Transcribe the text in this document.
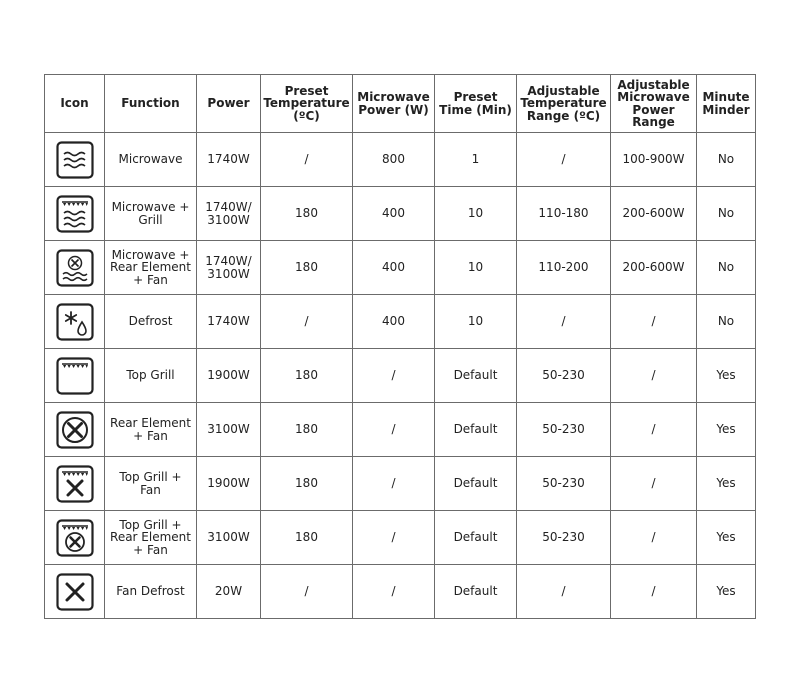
Icon	Function	Power	Preset
Temperature
(ºC)	Microwave
Power (W)	Preset
Time (Min)	Adjustable
Temperature
Range (ºC)	Adjustable
Microwave
Power
Range	Minute
Minder

	Microwave	1740W	/	800	1	/	100-900W	No

	Microwave +
Grill	1740W/
3100W	180	400	10	110-180	200-600W	No

	Microwave +
Rear Element
+ Fan	1740W/
3100W	180	400	10	110-200	200-600W	No

	Defrost	1740W	/	400	10	/	/	No

	Top Grill	1900W	180	/	Default	50-230	/	Yes

	Rear Element
+ Fan	3100W	180	/	Default	50-230	/	Yes

	Top Grill +
Fan	1900W	180	/	Default	50-230	/	Yes

	Top Grill +
Rear Element
+ Fan	3100W	180	/	Default	50-230	/	Yes

	Fan Defrost	20W	/	/	Default	/	/	Yes
